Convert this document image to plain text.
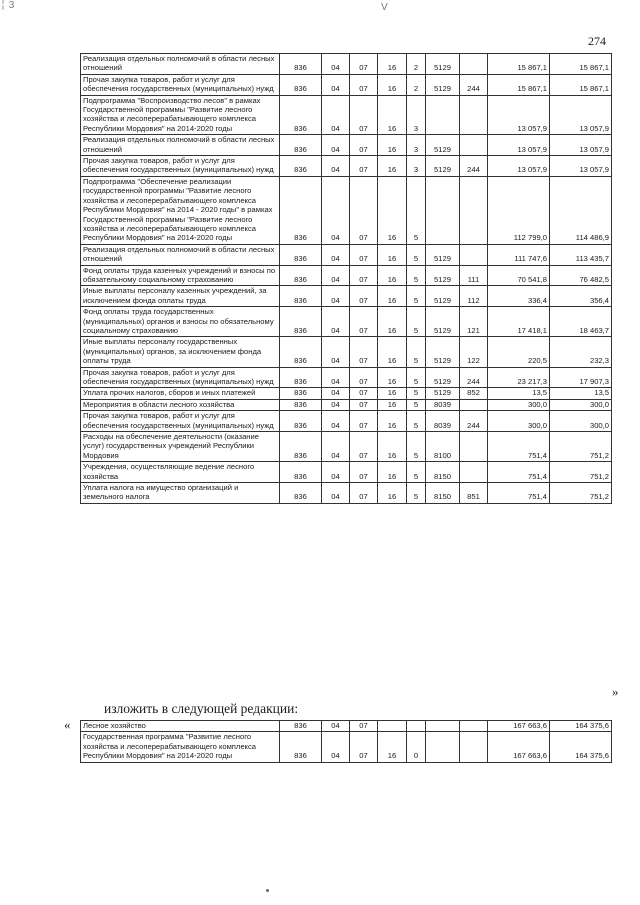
╎ 3	V
274
Реализация отдельных полномочий в области лесных отношений	836	04	07	16	2	5129		15 867,1	15 867,1
Прочая закупка товаров, работ и услуг для обеспечения государственных (муниципальных) нужд	836	04	07	16	2	5129	244	15 867,1	15 867,1
Подпрограмма "Воспроизводство лесов" в рамках Государственной программы "Развитие лесного хозяйства и лесоперерабатывающего комплекса Республики Мордовия" на 2014-2020 годы	836	04	07	16	3			13 057,9	13 057,9
Реализация отдельных полномочий в области лесных отношений	836	04	07	16	3	5129		13 057,9	13 057,9
Прочая закупка товаров, работ и услуг для обеспечения государственных (муниципальных) нужд	836	04	07	16	3	5129	244	13 057,9	13 057,9
Подпрограмма "Обеспечение реализации государственной программы "Развитие лесного хозяйства и лесоперерабатывающего комплекса Республики Мордовия" на 2014 - 2020 годы" в рамках Государственной программы "Развитие лесного хозяйства и лесоперерабатывающего комплекса Республики Мордовия" на 2014-2020 годы	836	04	07	16	5			112 799,0	114 486,9
Реализация отдельных полномочий в области лесных отношений	836	04	07	16	5	5129		111 747,6	113 435,7
Фонд оплаты труда казенных учреждений и взносы по обязательному социальному страхованию	836	04	07	16	5	5129	111	70 541,8	76 482,5
Иные выплаты персоналу казенных учреждений, за исключением фонда оплаты труда	836	04	07	16	5	5129	112	336,4	356,4
Фонд оплаты труда государственных (муниципальных) органов и взносы по обязательному социальному страхованию	836	04	07	16	5	5129	121	17 418,1	18 463,7
Иные выплаты персоналу государственных (муниципальных) органов, за исключением фонда оплаты труда	836	04	07	16	5	5129	122	220,5	232,3
Прочая закупка товаров, работ и услуг для обеспечения государственных (муниципальных) нужд	836	04	07	16	5	5129	244	23 217,3	17 907,3
Уплата прочих налогов, сборов и иных платежей	836	04	07	16	5	5129	852	13,5	13,5
Мероприятия в области лесного хозяйства	836	04	07	16	5	8039		300,0	300,0
Прочая закупка товаров, работ и услуг для обеспечения государственных (муниципальных) нужд	836	04	07	16	5	8039	244	300,0	300,0
Расходы на обеспечение деятельности (оказание услуг) государственных учреждений Республики Мордовия	836	04	07	16	5	8100		751,4	751,2
Учреждения, осуществляющие ведение лесного хозяйства	836	04	07	16	5	8150		751,4	751,2
Уплата налога на имущество организаций и земельного налога	836	04	07	16	5	8150	851	751,4	751,2
»
изложить в следующей редакции:
« Лесное хозяйство	836	04	07					167 663,6	164 375,6
Государственная программа "Развитие лесного хозяйства и лесоперерабатывающего комплекса Республики Мордовия" на 2014-2020 годы	836	04	07	16	0			167 663,6	164 375,6
